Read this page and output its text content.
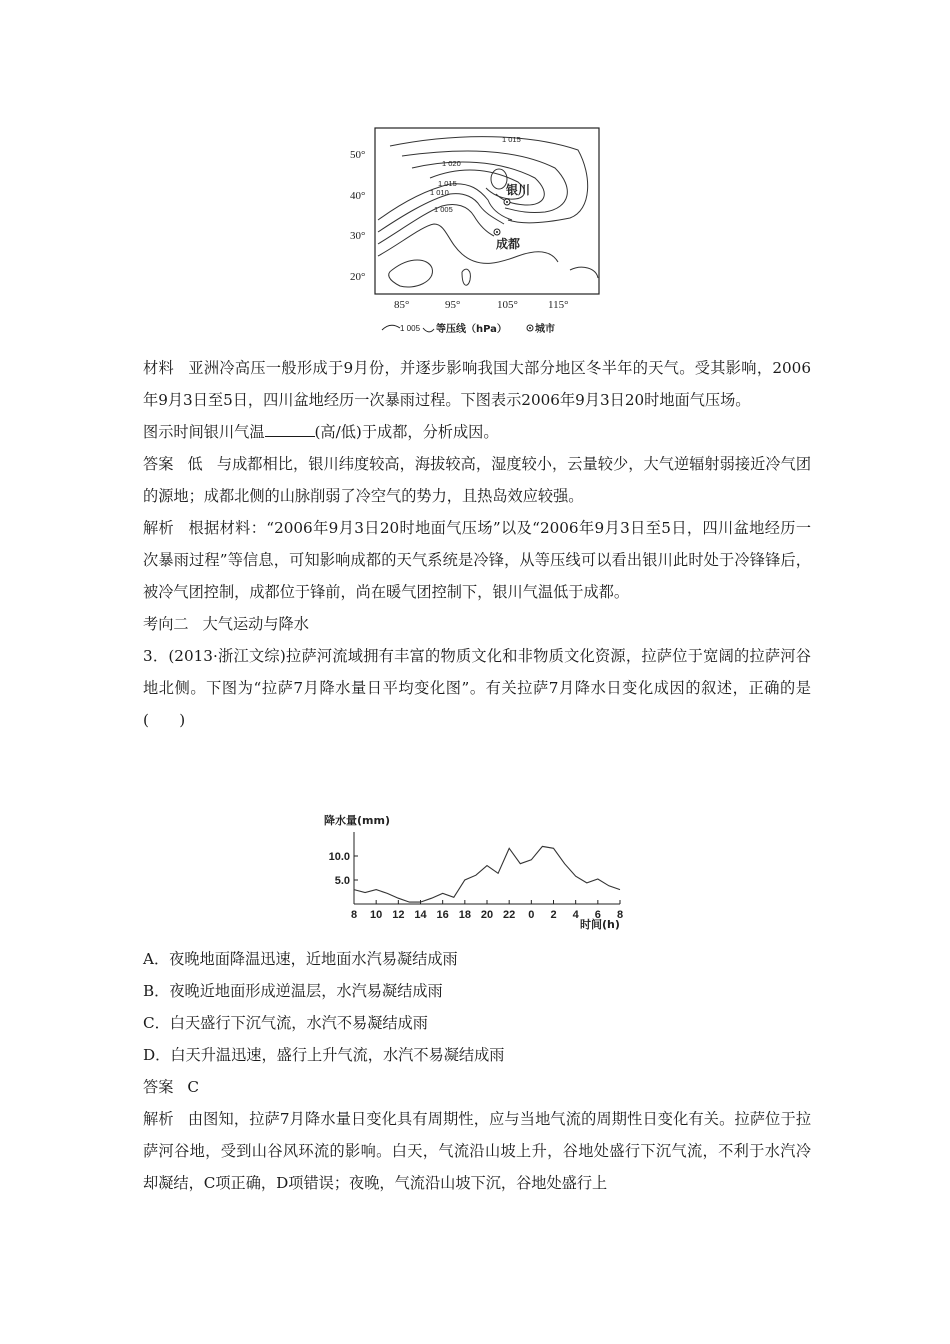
1 015
1 020
1 015
1 010
1 005
银川
成都
50°
40°
30°
20°
85°	95°	105°	115°
1 005 等压线（hPa）	城市

材料 亚洲冷高压一般形成于9月份，并逐步影响我国大部分地区冬半年的天气。受其影响，2006年9月3日至5日，四川盆地经历一次暴雨过程。下图表示2006年9月3日20时地面气压场。

图示时间银川气温	(高/低)于成都，分析成因。

答案 低 与成都相比，银川纬度较高，海拔较高，湿度较小，云量较少，大气逆辐射弱接近冷气团的源地；成都北侧的山脉削弱了冷空气的势力，且热岛效应较强。

解析 根据材料：“2006年9月3日20时地面气压场”以及“2006年9月3日至5日，四川盆地经历一次暴雨过程”等信息，可知影响成都的天气系统是冷锋，从等压线可以看出银川此时处于冷锋锋后，被冷气团控制，成都位于锋前，尚在暖气团控制下，银川气温低于成都。

考向二 大气运动与降水

3．(2013·浙江文综)拉萨河流域拥有丰富的物质文化和非物质文化资源，拉萨位于宽阔的拉萨河谷地北侧。下图为“拉萨7月降水量日平均变化图”。有关拉萨7月降水日变化成因的叙述，正确的是(　　)

降水量(mm)
10.0
5.0
8 10 12 14 16 18 20 22 0 2 4 6 8
时间(h)

A．夜晚地面降温迅速，近地面水汽易凝结成雨

B．夜晚近地面形成逆温层，水汽易凝结成雨

C．白天盛行下沉气流，水汽不易凝结成雨

D．白天升温迅速，盛行上升气流，水汽不易凝结成雨

答案 C

解析 由图知，拉萨7月降水量日变化具有周期性，应与当地气流的周期性日变化有关。拉萨位于拉萨河谷地，受到山谷风环流的影响。白天，气流沿山坡上升，谷地处盛行下沉气流，不利于水汽冷却凝结，C项正确，D项错误；夜晚，气流沿山坡下沉，谷地处盛行上
